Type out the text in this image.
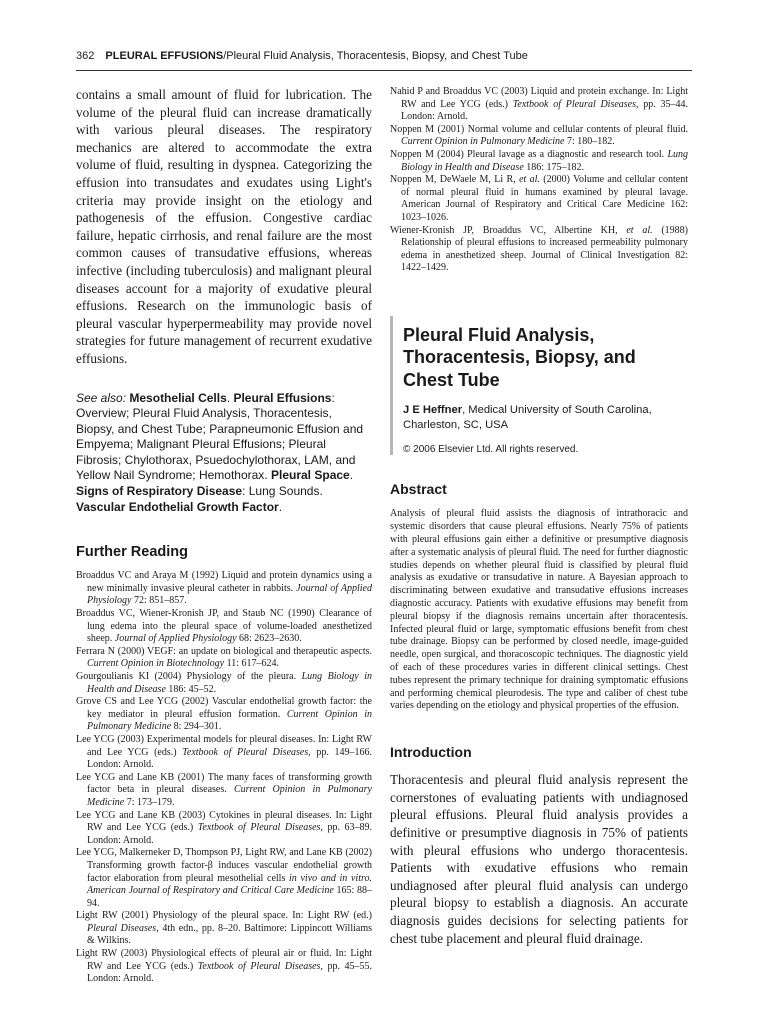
362 PLEURAL EFFUSIONS/Pleural Fluid Analysis, Thoracentesis, Biopsy, and Chest Tube

contains a small amount of fluid for lubrication. The volume of the pleural fluid can increase dramatically with various pleural diseases. The respiratory mechanics are altered to accommodate the extra volume of fluid, resulting in dyspnea. Categorizing the effusion into transudates and exudates using Light's criteria may provide insight on the etiology and pathogenesis of the effusion. Congestive cardiac failure, hepatic cirrhosis, and renal failure are the most common causes of transudative effusions, whereas infective (including tuberculosis) and malignant pleural diseases account for a majority of exudative pleural effusions. Research on the immunologic basis of pleural vascular hyperpermeability may provide novel strategies for future management of recurrent exudative effusions.

See also: Mesothelial Cells. Pleural Effusions: Overview; Pleural Fluid Analysis, Thoracentesis, Biopsy, and Chest Tube; Parapneumonic Effusion and Empyema; Malignant Pleural Effusions; Pleural Fibrosis; Chylothorax, Psuedochylothorax, LAM, and Yellow Nail Syndrome; Hemothorax. Pleural Space. Signs of Respiratory Disease: Lung Sounds. Vascular Endothelial Growth Factor.

Further Reading
Broaddus VC and Araya M (1992) Liquid and protein dynamics using a new minimally invasive pleural catheter in rabbits. Journal of Applied Physiology 72: 851–857.
Broaddus VC, Wiener-Kronish JP, and Staub NC (1990) Clearance of lung edema into the pleural space of volume-loaded anesthetized sheep. Journal of Applied Physiology 68: 2623–2630.
Ferrara N (2000) VEGF: an update on biological and therapeutic aspects. Current Opinion in Biotechnology 11: 617–624.
Gourgoulianis KI (2004) Physiology of the pleura. Lung Biology in Health and Disease 186: 45–52.
Grove CS and Lee YCG (2002) Vascular endothelial growth factor: the key mediator in pleural effusion formation. Current Opinion in Pulmonary Medicine 8: 294–301.
Lee YCG (2003) Experimental models for pleural diseases. In: Light RW and Lee YCG (eds.) Textbook of Pleural Diseases, pp. 149–166. London: Arnold.
Lee YCG and Lane KB (2001) The many faces of transforming growth factor beta in pleural diseases. Current Opinion in Pulmonary Medicine 7: 173–179.
Lee YCG and Lane KB (2003) Cytokines in pleural diseases. In: Light RW and Lee YCG (eds.) Textbook of Pleural Diseases, pp. 63–89. London: Arnold.
Lee YCG, Malkerneker D, Thompson PJ, Light RW, and Lane KB (2002) Transforming growth factor-β induces vascular endothelial growth factor elaboration from pleural mesothelial cells in vivo and in vitro. American Journal of Respiratory and Critical Care Medicine 165: 88–94.
Light RW (2001) Physiology of the pleural space. In: Light RW (ed.) Pleural Diseases, 4th edn., pp. 8–20. Baltimore: Lippincott Williams & Wilkins.
Light RW (2003) Physiological effects of pleural air or fluid. In: Light RW and Lee YCG (eds.) Textbook of Pleural Diseases, pp. 45–55. London: Arnold.
Nahid P and Broaddus VC (2003) Liquid and protein exchange. In: Light RW and Lee YCG (eds.) Textbook of Pleural Diseases, pp. 35–44. London: Arnold.
Noppen M (2001) Normal volume and cellular contents of pleural fluid. Current Opinion in Pulmonary Medicine 7: 180–182.
Noppen M (2004) Pleural lavage as a diagnostic and research tool. Lung Biology in Health and Disease 186: 175–182.
Noppen M, DeWaele M, Li R, et al. (2000) Volume and cellular content of normal pleural fluid in humans examined by pleural lavage. American Journal of Respiratory and Critical Care Medicine 162: 1023–1026.
Wiener-Kronish JP, Broaddus VC, Albertine KH, et al. (1988) Relationship of pleural effusions to increased permeability pulmonary edema in anesthetized sheep. Journal of Clinical Investigation 82: 1422–1429.
Pleural Fluid Analysis, Thoracentesis, Biopsy, and Chest Tube
J E Heffner, Medical University of South Carolina, Charleston, SC, USA
© 2006 Elsevier Ltd. All rights reserved.
Abstract

Analysis of pleural fluid assists the diagnosis of intrathoracic and systemic disorders that cause pleural effusions. Nearly 75% of patients with pleural effusions gain either a definitive or presumptive diagnosis after a systematic analysis of pleural fluid. The need for further diagnostic studies depends on whether pleural fluid is classified by pleural fluid analysis as exudative or transudative in nature. A Bayesian approach to discriminating between exudative and transudative effusions increases diagnostic accuracy. Patients with exudative effusions may benefit from pleural biopsy if the diagnosis remains uncertain after thoracentesis. Infected pleural fluid or large, symptomatic effusions benefit from chest tube drainage. Biopsy can be performed by closed needle, image-guided needle, open surgical, and thoracoscopic techniques. The diagnostic yield of each of these procedures varies in different clinical settings. Chest tubes represent the primary technique for draining symptomatic effusions and performing chemical pleurodesis. The type and caliber of chest tube varies depending on the etiology and physical properties of the effusion.

Introduction

Thoracentesis and pleural fluid analysis represent the cornerstones of evaluating patients with undiagnosed pleural effusions. Pleural fluid analysis provides a definitive or presumptive diagnosis in 75% of patients with pleural effusions who undergo thoracentesis. Patients with exudative effusions who remain undiagnosed after pleural fluid analysis can undergo pleural biopsy to establish a diagnosis. An accurate diagnosis guides decisions for selecting patients for chest tube placement and pleural fluid drainage.
